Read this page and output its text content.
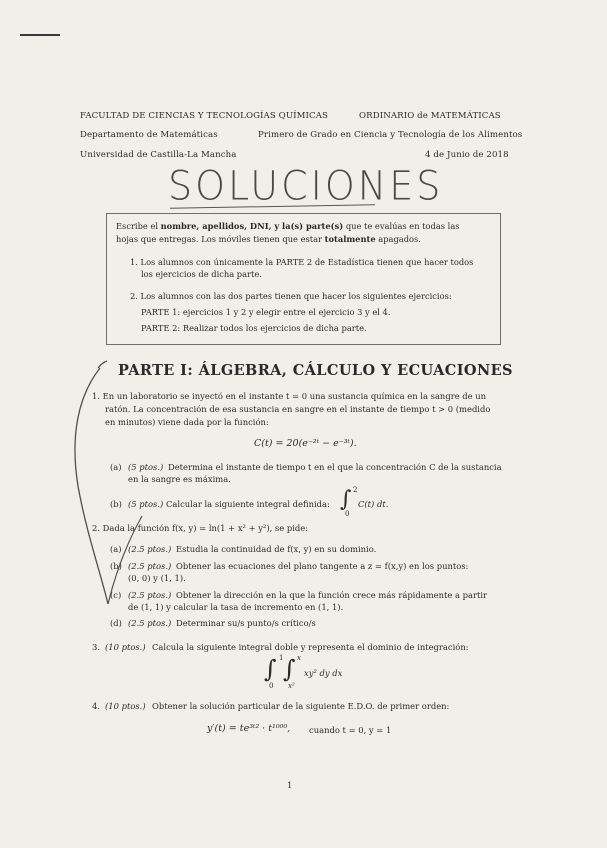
FACULTAD DE CIENCIAS Y TECNOLOGÍAS QUÍMICAS	ORDINARIO de MATEMÁTICAS
Departamento de Matemáticas	Primero de Grado en Ciencia y Tecnología de los Alimentos
Universidad de Castilla-La Mancha	4 de Junio de 2018
SOLUCIONES
Escribe el nombre, apellidos, DNI, y la(s) parte(s) que te evalúas en todas las
hojas que entregas. Los móviles tienen que estar totalmente apagados.
1. Los alumnos con únicamente la PARTE 2 de Estadística tienen que hacer todos
los ejercicios de dicha parte.
2. Los alumnos con las dos partes tienen que hacer los siguientes ejercicios:
PARTE 1: ejercicios 1 y 2 y elegir entre el ejercicio 3 y el 4.
PARTE 2: Realizar todos los ejercicios de dicha parte.
PARTE I: ÁLGEBRA, CÁLCULO Y ECUACIONES
1. En un laboratorio se inyectó en el instante t = 0 una sustancia química en la sangre de un
ratón. La concentración de esa sustancia en sangre en el instante de tiempo t > 0 (medido
en minutos) viene dada por la función:
C(t) = 20(e⁻²ᵗ − e⁻³ᵗ).
(a) (5 ptos.) Determina el instante de tiempo t en el que la concentración C de la sustancia
en la sangre es máxima.
(b) (5 ptos.) Calcular la siguiente integral definida: ∫ 2
0
C(t) dt.
2. Dada la función f(x, y) = ln(1 + x² + y²), se pide:
(a) (2.5 ptos.) Estudia la continuidad de f(x, y) en su dominio.
(b) (2.5 ptos.) Obtener las ecuaciones del plano tangente a z = f(x,y) en los puntos:
(0, 0) y (1, 1).
(c) (2.5 ptos.) Obtener la dirección en la que la función crece más rápidamente a partir
de (1, 1) y calcular la tasa de incremento en (1, 1).
(d) (2.5 ptos.) Determinar su/s punto/s crítico/s
3. (10 ptos.) Calcula la siguiente integral doble y representa el dominio de integración:
∫ 1
0
∫ x
x²
xy² dy dx
4. (10 ptos.) Obtener la solución particular de la siguiente E.D.O. de primer orden:
y′(t) = te³ᵗ² · t¹⁰⁰⁰, cuando t = 0, y = 1
1
